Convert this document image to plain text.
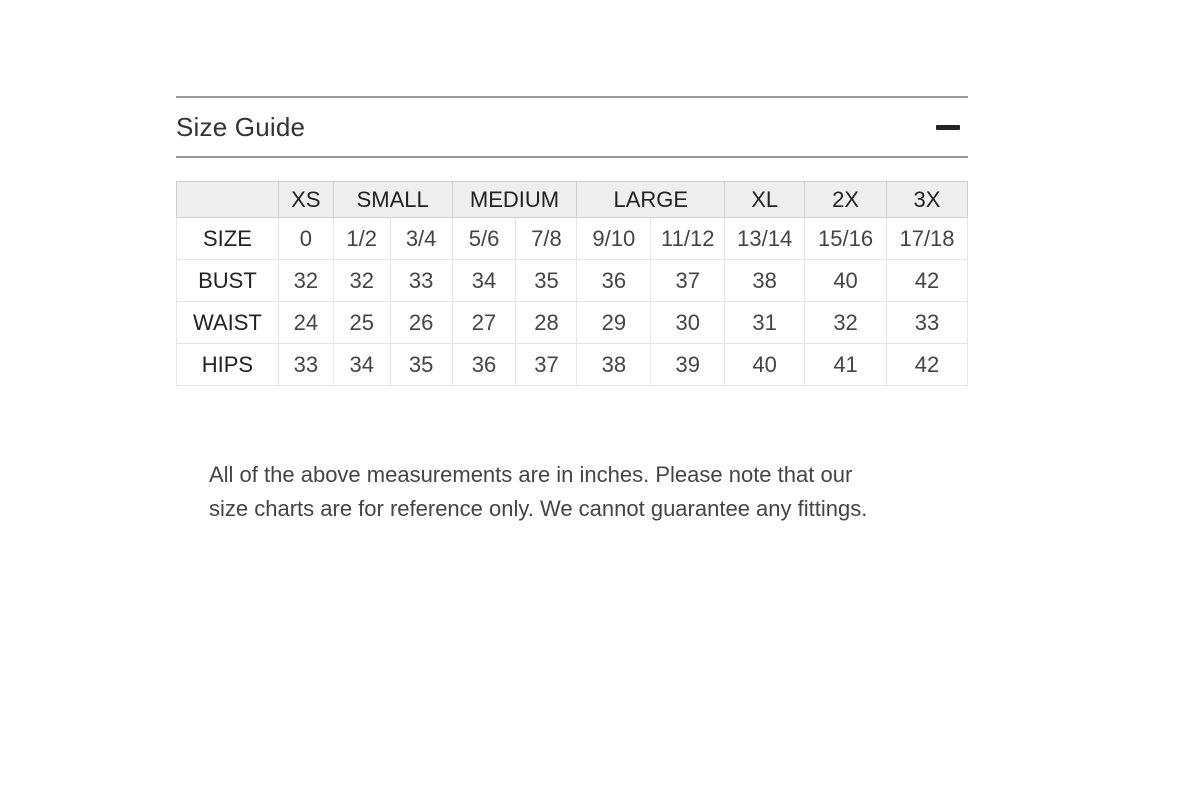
Size Guide
	XS	SMALL		MEDIUM		LARGE		XL	2X	3X
SIZE	0	1/2	3/4	5/6	7/8	9/10	11/12	13/14	15/16	17/18
BUST	32	32	33	34	35	36	37	38	40	42
WAIST	24	25	26	27	28	29	30	31	32	33
HIPS	33	34	35	36	37	38	39	40	41	42
All of the above measurements are in inches. Please note that our
size charts are for reference only. We cannot guarantee any fittings.
